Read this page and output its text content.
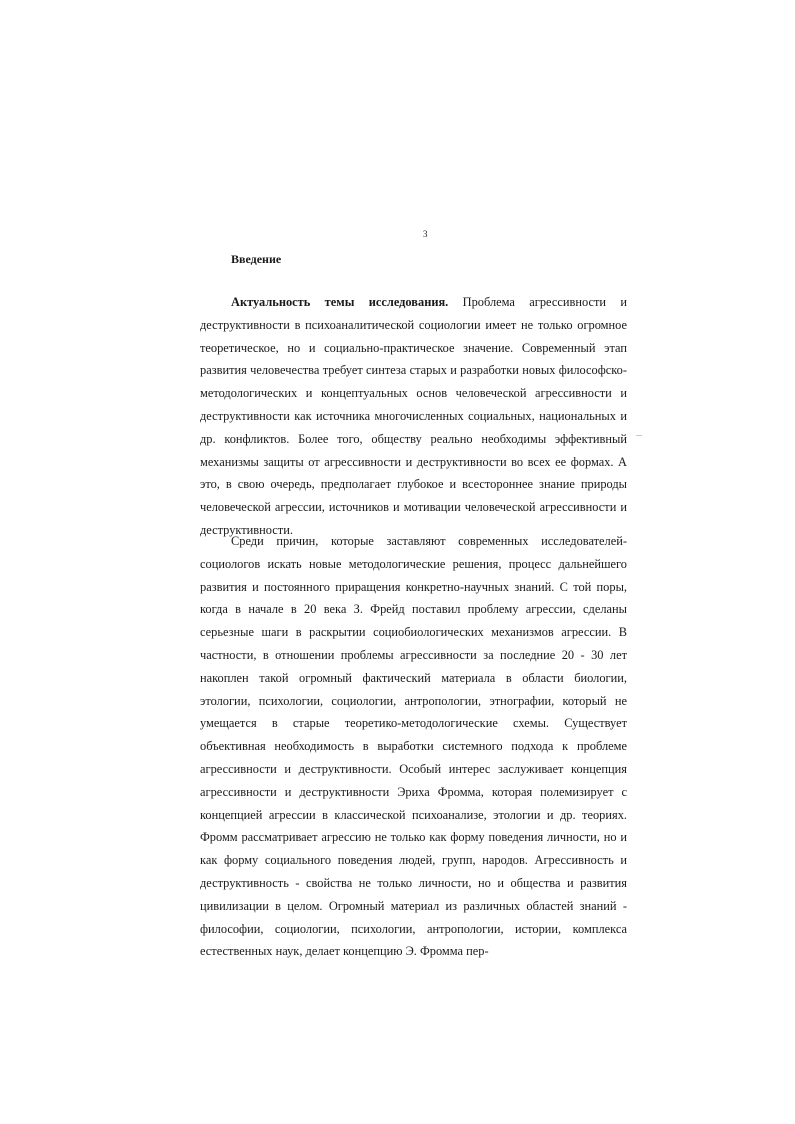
3
Введение

Актуальность темы исследования. Проблема агрессивности и деструктивности в психоаналитической социологии имеет не только огромное теоретическое, но и социально-практическое значение. Современный этап развития человечества требует синтеза старых и разработки новых философско-методологических и концептуальных основ человеческой агрессивности и деструктивности как источника многочисленных социальных, национальных и др. конфликтов. Более того, обществу реально необходимы эффективный механизмы защиты от агрессивности и деструктивности во всех ее формах. А это, в свою очередь, предполагает глубокое и всестороннее знание природы человеческой агрессии, источников и мотивации человеческой агрессивности и деструктивности.

Среди причин, которые заставляют современных исследователей-социологов искать новые методологические решения, процесс дальнейшего развития и постоянного приращения конкретно-научных знаний. С той поры, когда в начале в 20 века З. Фрейд поставил проблему агрессии, сделаны серьезные шаги в раскрытии социобиологических механизмов агрессии. В частности, в отношении проблемы агрессивности за последние 20 - 30 лет накоплен такой огромный фактический материала в области биологии, этологии, психологии, социологии, антропологии, этнографии, который не умещается в старые теоретико-методологические схемы. Существует объективная необходимость в выработки системного подхода к проблеме агрессивности и деструктивности. Особый интерес заслуживает концепция агрессивности и деструктивности Эриха Фромма, которая полемизирует с концепцией агрессии в классической психоанализе, этологии и др. теориях. Фромм рассматривает агрессию не только как форму поведения личности, но и как форму социального поведения людей, групп, народов. Агрессивность и деструктивность - свойства не только личности, но и общества и развития цивилизации в целом. Огромный материал из различных областей знаний - философии, социологии, психологии, антропологии, истории, комплекса естественных наук, делает концепцию Э. Фромма пер-
